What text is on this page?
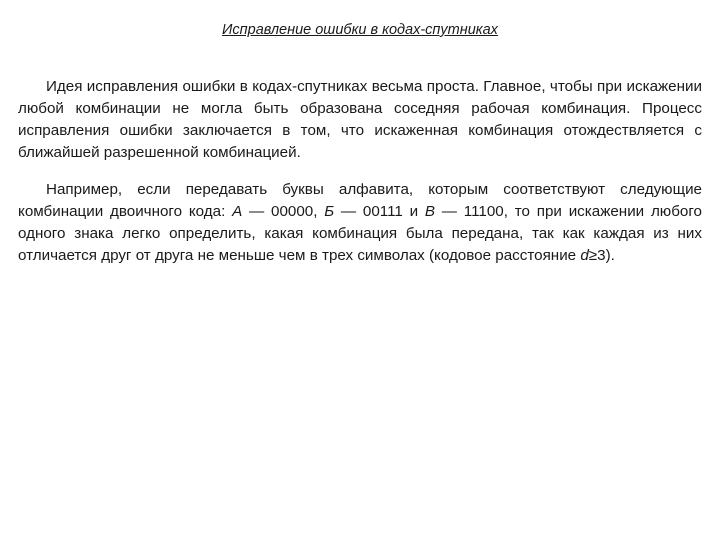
Исправление ошибки в кодах-спутниках

Идея исправления ошибки в кодах-спутниках весьма проста. Главное, чтобы при искажении любой комбинации не могла быть образована соседняя рабочая комбинация. Процесс исправления ошибки заключается в том, что искаженная комбинация отождествляется с ближайшей разрешенной комбинацией.

Например, если передавать буквы алфавита, которым соответствуют следующие комбинации двоичного кода: А — 00000, Б — 00111 и В — 11100, то при искажении любого одного знака легко определить, какая комбинация была передана, так как каждая из них отличается друг от друга не меньше чем в трех символах (кодовое расстояние d≥3).
